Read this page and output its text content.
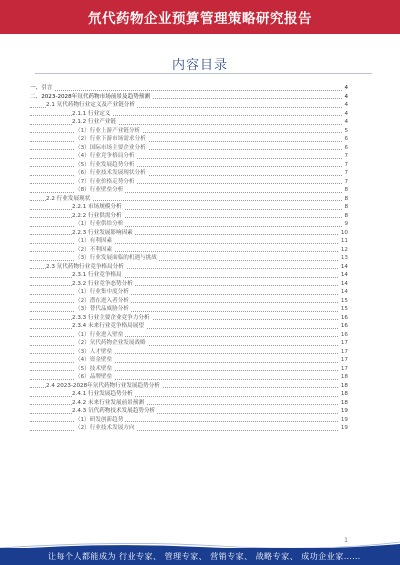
氘代药物企业预算管理策略研究报告
内容目录
一、引言	4
二、2023-2028年氘代药物市场前景及趋势预测	4
2.1 氘代药物行业定义及产业链分析	4
2.1.1 行业定义	4
2.1.2 行业产业链	4
（1）行业上游产业链分析	5
（2）行业下游市场需求分析	6
（3）国际市场主要企业分析	6
（4）行业竞争格局分析	7
（5）行业发展趋势分析	7
（6）行业技术发展现状分析	7
（7）行业价格走势分析	7
（8）行业壁垒分析	8
2.2 行业发展现状	8
2.2.1 市场规模分析	8
2.2.2 行业供需分析	8
（1）行业供给分析	9
2.2.3 行业发展影响因素	10
（1）有利因素	11
（2）不利因素	12
（3）行业发展面临的机遇与挑战	13
2.3 氘代药物行业竞争格局分析	14
2.3.1 行业竞争格局	14
2.3.2 行业竞争态势分析	14
（1）行业集中度分析	14
（2）潜在进入者分析	15
（3）替代品威胁分析	15
2.3.3 行业主要企业竞争力分析	16
2.3.4 未来行业竞争格局展望	16
（1）行业进入壁垒	16
（2）氘代药物企业发展战略	17
（3）人才壁垒	17
（4）资金壁垒	17
（5）技术壁垒	17
（6）品牌壁垒	18
2.4 2023-2028年氘代药物行业发展趋势分析	18
2.4.1 行业发展趋势分析	18
2.4.2 未来行业发展前景预测	18
2.4.3 氘代药物技术发展趋势分析	19
（1）研发创新趋势	19
（2）行业技术发展方向	19
1
让每个人都能成为 行业专家、 管理专家、 营销专家、 战略专家、 成功企业家……
